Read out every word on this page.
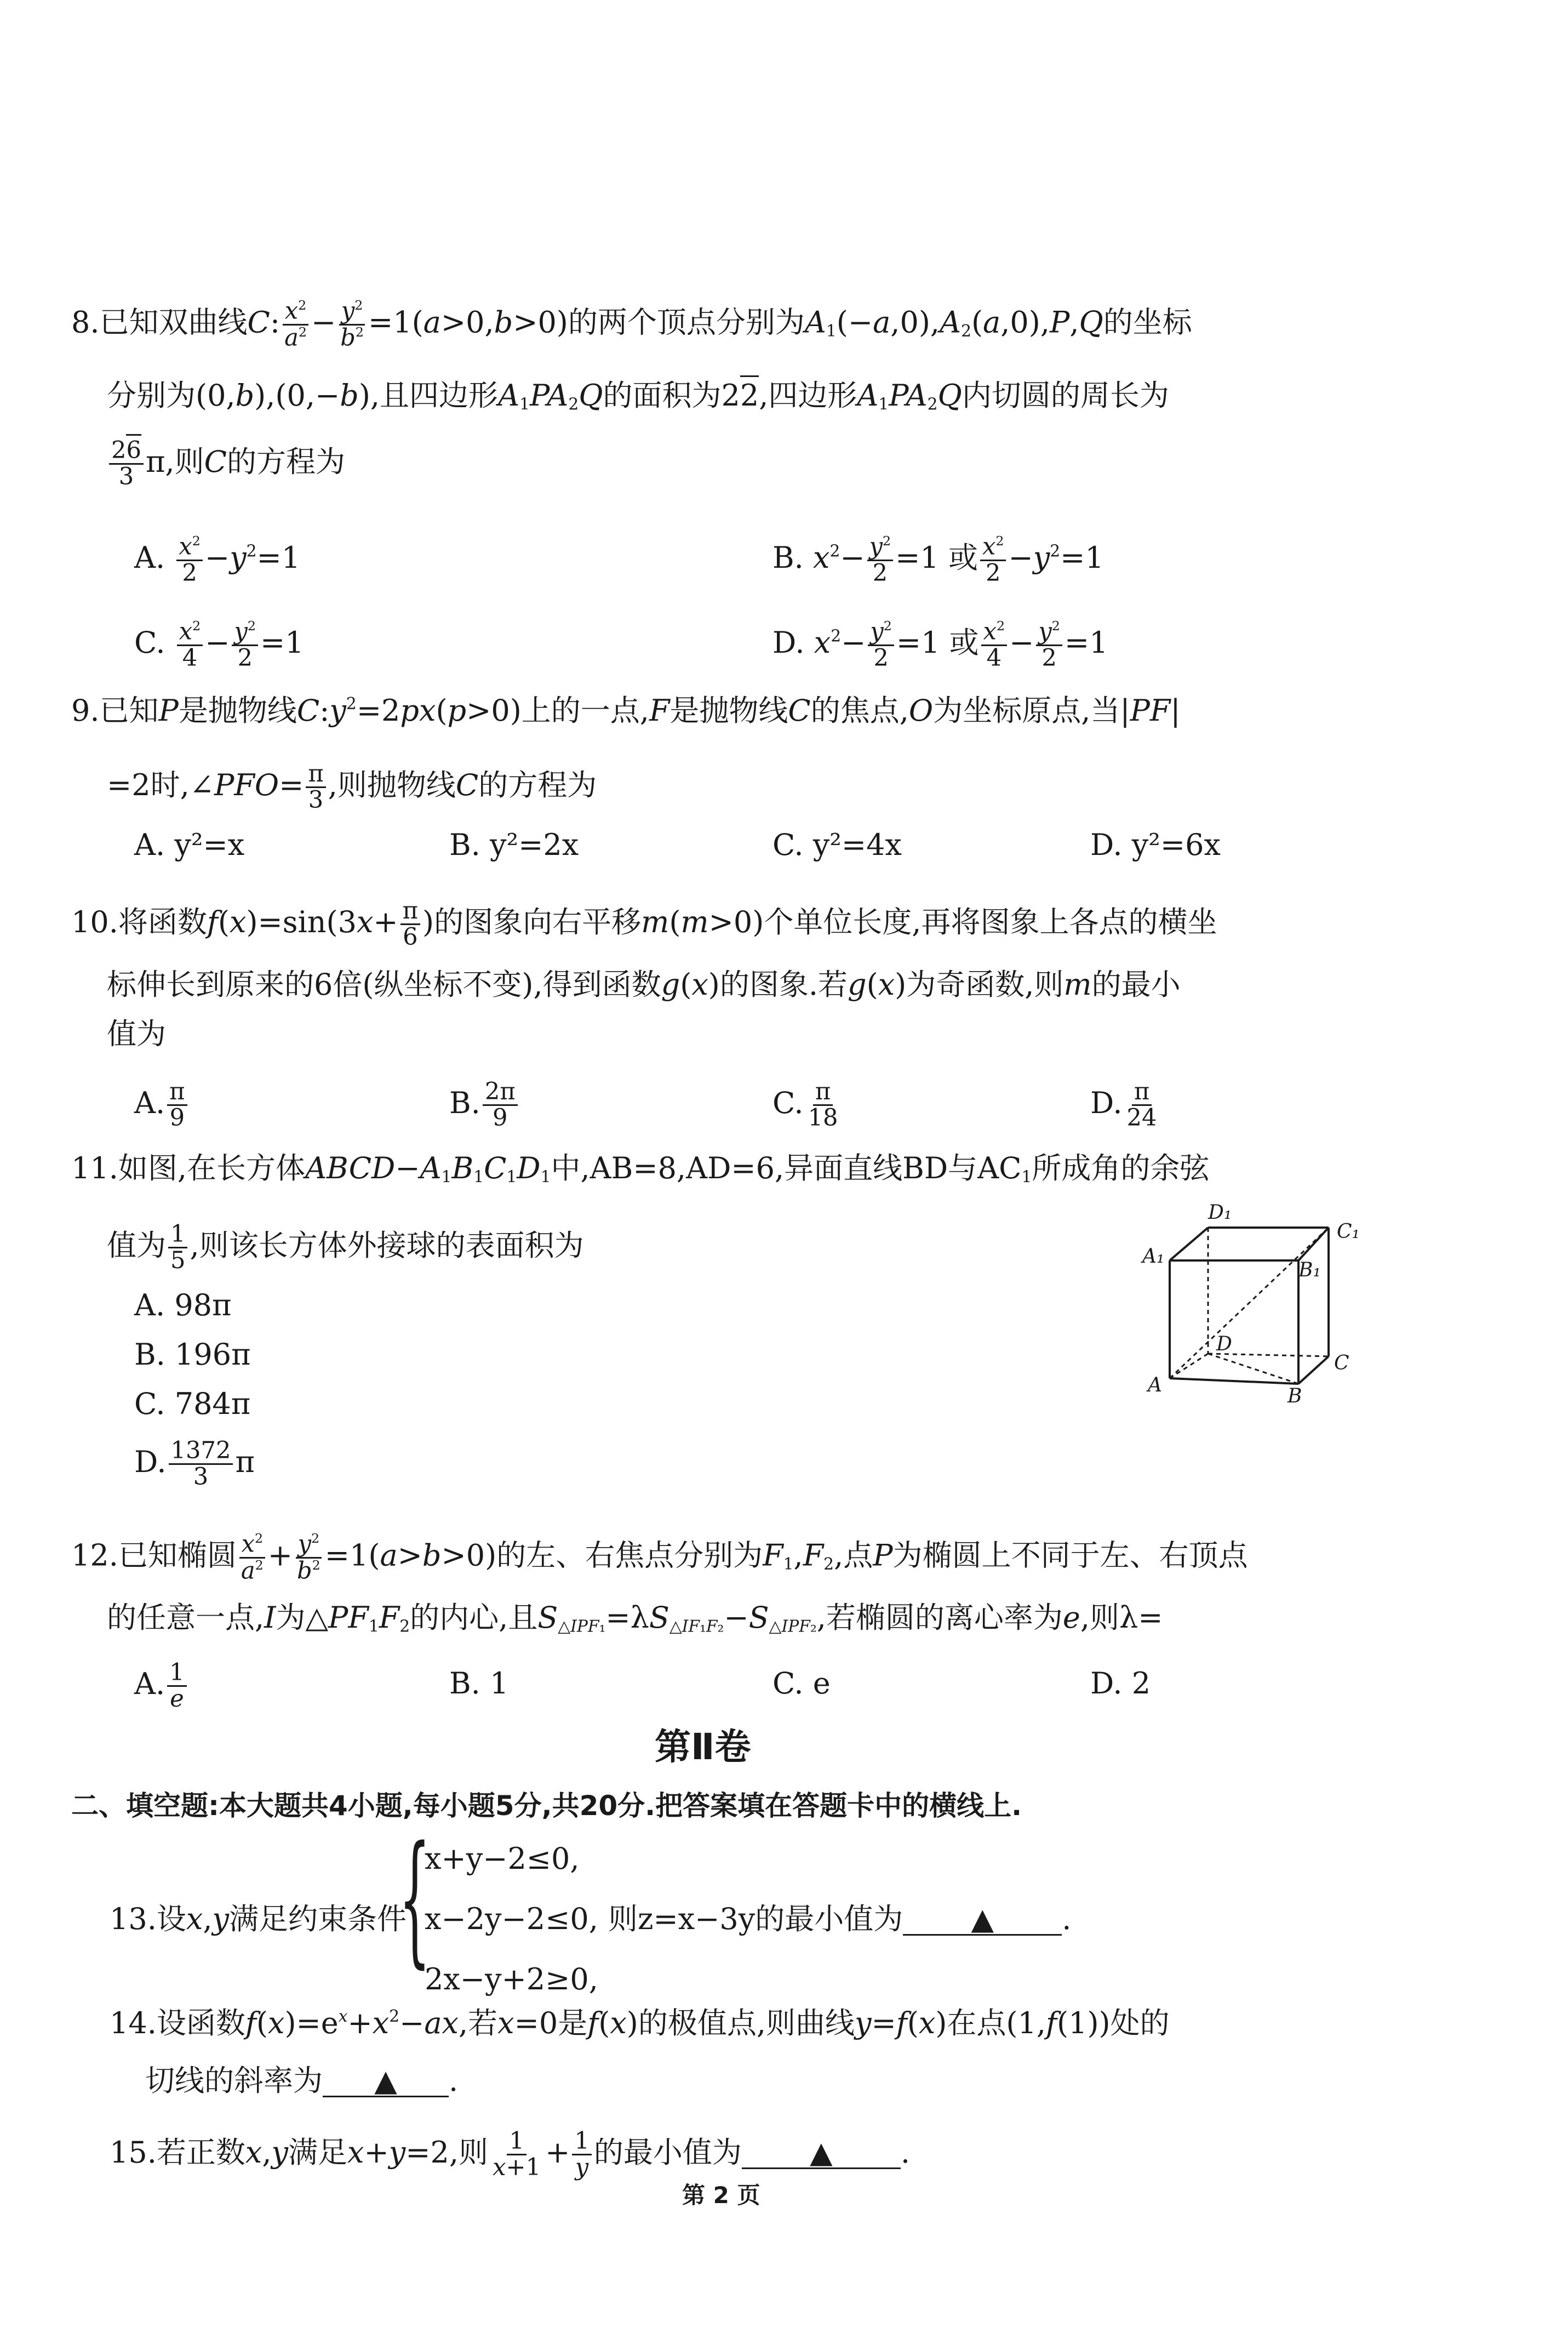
8.已知双曲线C: $\frac{x^2}{a^2} - \frac{y^2}{b^2} =1(a>0,b>0)$的两个顶点分别为$A_1(-a,0),A_2(a,0),P,Q$的坐标
分别为(0,b),(0,−b),且四边形$A_1PA_2Q$的面积为22,四边形$A_1PA_2Q$内切圆的周长为
$\frac{26}{3} \pi$,则C的方程为
A. $\frac{x^2}{2} -y^2=1$	B. $x^2- \frac{y^2}{2} =1$ 或 $\frac{x^2}{2} -y^2=1$
C. $\frac{x^2}{4} - \frac{y^2}{2} =1$	D. $x^2- \frac{y^2}{2} =1$ 或 $\frac{x^2}{4} - \frac{y^2}{2} =1$
9.已知P是抛物线$C:y^2=2px(p>0)$上的一点,F是抛物线C的焦点,O为坐标原点,当|PF|
=2时,∠PFO= $\frac{\pi}{3}$ ,则抛物线C的方程为
A. y²=x	B. y²=2x	C. y²=4x	D. y²=6x
10.将函数$f(x)=\sin(3x+ \frac{\pi}{6}$ )的图象向右平移m(m>0)个单位长度,再将图象上各点的横坐
标伸长到原来的6倍(纵坐标不变),得到函数g(x)的图象.若g(x)为奇函数,则m的最小
值为
A. $\frac{\pi}{9}$	B. $\frac{2\pi}{9}$	C. $\frac{\pi}{18}$	D. $\frac{\pi}{24}$
11.如图,在长方体$ABCD-A_1B_1C_1D_1$中,AB=8,AD=6,异面直线BD与$AC_1$所成角的余弦
值为 $\frac{1}{5}$ ,则该长方体外接球的表面积为
A. 98π
B. 196π
C. 784π
D. $\frac{1372}{3}$ π
D₁
C₁
A₁
B₁
D
C
A	B
12.已知椭圆 $\frac{x^2}{a^2} + \frac{y^2}{b^2} =1(a>b>0)$的左、右焦点分别为$F_1,F_2$,点P为椭圆上不同于左、右顶点
的任意一点,I为$\triangle PF_1F_2$的内心,且$S_{\triangle IPF_1}=\lambda S_{\triangle IF_1F_2}-S_{\triangle IPF_2}$,若椭圆的离心率为e,则λ=
A. $\frac{1}{e}$	B. 1	C. e	D. 2
第Ⅱ卷
二、填空题:本大题共4小题,每小题5分,共20分.把答案填在答题卡中的横线上.
13.设x,y满足约束条件
{
x+y−2≤0,
x−2y−2≤0,
2x−y+2≥0,
则z=x−3y的最小值为 ▲ .
14.设函数$f(x)=e^x+x^2-ax$,若x=0是f(x)的极值点,则曲线y=f(x)在点(1,f(1))处的
切线的斜率为 ▲ .
15.若正数x,y满足x+y=2,则 $\frac{1}{x+1} + \frac{1}{y}$ 的最小值为 ▲ .
第 2 页
